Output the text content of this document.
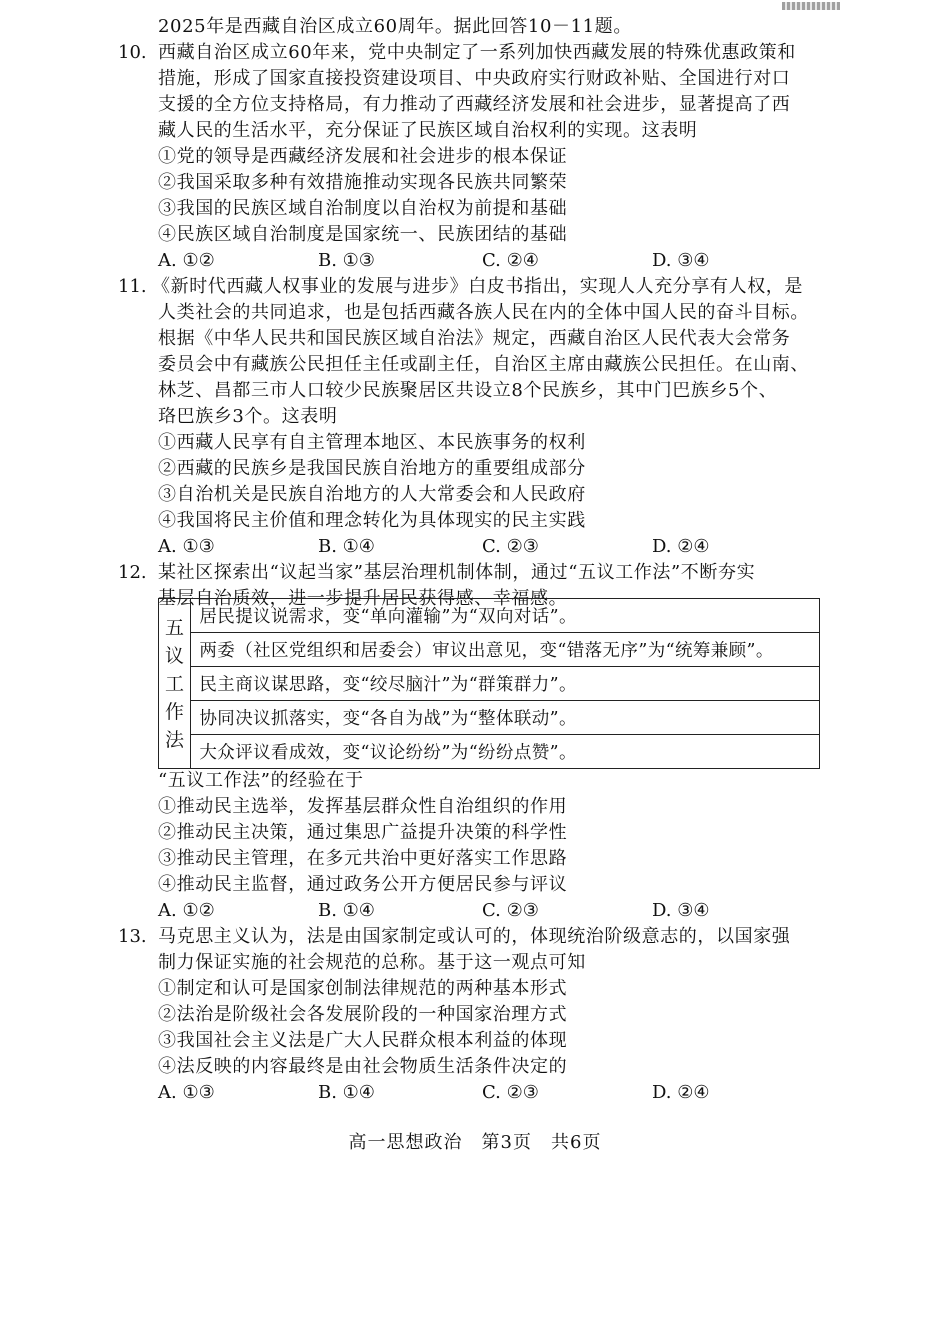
2025年是西藏自治区成立60周年。据此回答10－11题。
10. 西藏自治区成立60年来，党中央制定了一系列加快西藏发展的特殊优惠政策和
措施，形成了国家直接投资建设项目、中央政府实行财政补贴、全国进行对口
支援的全方位支持格局，有力推动了西藏经济发展和社会进步，显著提高了西
藏人民的生活水平，充分保证了民族区域自治权利的实现。这表明
①党的领导是西藏经济发展和社会进步的根本保证
②我国采取多种有效措施推动实现各民族共同繁荣
③我国的民族区域自治制度以自治权为前提和基础
④民族区域自治制度是国家统一、民族团结的基础
A. ①②	B. ①③	C. ②④	D. ③④
11. 《新时代西藏人权事业的发展与进步》白皮书指出，实现人人充分享有人权，是
人类社会的共同追求，也是包括西藏各族人民在内的全体中国人民的奋斗目标。
根据《中华人民共和国民族区域自治法》规定，西藏自治区人民代表大会常务
委员会中有藏族公民担任主任或副主任，自治区主席由藏族公民担任。在山南、
林芝、昌都三市人口较少民族聚居区共设立8个民族乡，其中门巴族乡5个、
珞巴族乡3个。这表明
①西藏人民享有自主管理本地区、本民族事务的权利
②西藏的民族乡是我国民族自治地方的重要组成部分
③自治机关是民族自治地方的人大常委会和人民政府
④我国将民主价值和理念转化为具体现实的民主实践
A. ①③	B. ①④	C. ②③	D. ②④
12. 某社区探索出“议起当家”基层治理机制体制，通过“五议工作法”不断夯实
基层自治质效，进一步提升居民获得感、幸福感。
五
议
工
作
法
	居民提议说需求，变“单向灌输”为“双向对话”。
两委（社区党组织和居委会）审议出意见，变“错落无序”为“统筹兼顾”。
民主商议谋思路，变“绞尽脑汁”为“群策群力”。
协同决议抓落实，变“各自为战”为“整体联动”。
大众评议看成效，变“议论纷纷”为“纷纷点赞”。
“五议工作法”的经验在于
①推动民主选举，发挥基层群众性自治组织的作用
②推动民主决策，通过集思广益提升决策的科学性
③推动民主管理，在多元共治中更好落实工作思路
④推动民主监督，通过政务公开方便居民参与评议
A. ①②	B. ①④	C. ②③	D. ③④
13. 马克思主义认为，法是由国家制定或认可的，体现统治阶级意志的，以国家强
制力保证实施的社会规范的总称。基于这一观点可知
①制定和认可是国家创制法律规范的两种基本形式
②法治是阶级社会各发展阶段的一种国家治理方式
③我国社会主义法是广大人民群众根本利益的体现
④法反映的内容最终是由社会物质生活条件决定的
A. ①③	B. ①④	C. ②③	D. ②④
高一思想政治　第3页　共6页
